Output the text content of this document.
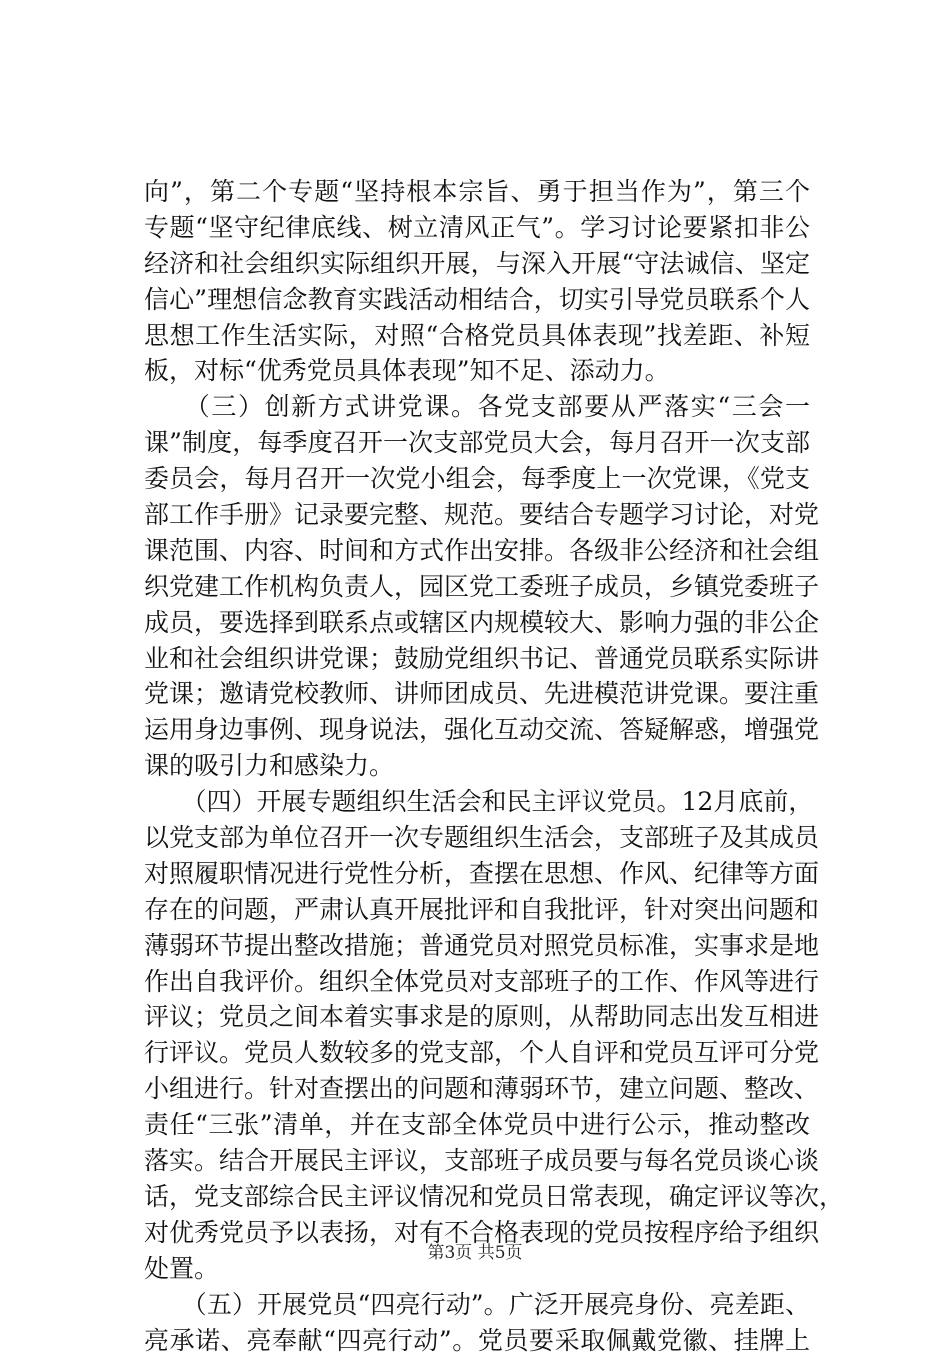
向”，第二个专题“坚持根本宗旨、勇于担当作为”，第三个
专题“坚守纪律底线、树立清风正气”。学习讨论要紧扣非公
经济和社会组织实际组织开展，与深入开展“守法诚信、坚定
信心”理想信念教育实践活动相结合，切实引导党员联系个人
思想工作生活实际，对照“合格党员具体表现”找差距、补短
板，对标“优秀党员具体表现”知不足、添动力。
　　（三）创新方式讲党课。各党支部要从严落实“三会一
课”制度，每季度召开一次支部党员大会，每月召开一次支部
委员会，每月召开一次党小组会，每季度上一次党课，《党支
部工作手册》记录要完整、规范。要结合专题学习讨论，对党
课范围、内容、时间和方式作出安排。各级非公经济和社会组
织党建工作机构负责人，园区党工委班子成员，乡镇党委班子
成员，要选择到联系点或辖区内规模较大、影响力强的非公企
业和社会组织讲党课；鼓励党组织书记、普通党员联系实际讲
党课；邀请党校教师、讲师团成员、先进模范讲党课。要注重
运用身边事例、现身说法，强化互动交流、答疑解惑，增强党
课的吸引力和感染力。
　　（四）开展专题组织生活会和民主评议党员。12月底前，
以党支部为单位召开一次专题组织生活会，支部班子及其成员
对照履职情况进行党性分析，查摆在思想、作风、纪律等方面
存在的问题，严肃认真开展批评和自我批评，针对突出问题和
薄弱环节提出整改措施；普通党员对照党员标准，实事求是地
作出自我评价。组织全体党员对支部班子的工作、作风等进行
评议；党员之间本着实事求是的原则，从帮助同志出发互相进
行评议。党员人数较多的党支部，个人自评和党员互评可分党
小组进行。针对查摆出的问题和薄弱环节，建立问题、整改、
责任“三张”清单，并在支部全体党员中进行公示，推动整改
落实。结合开展民主评议，支部班子成员要与每名党员谈心谈
话，党支部综合民主评议情况和党员日常表现，确定评议等次，
对优秀党员予以表扬，对有不合格表现的党员按程序给予组织
处置。
　　（五）开展党员“四亮行动”。广泛开展亮身份、亮差距、
亮承诺、亮奉献“四亮行动”。党员要采取佩戴党徽、挂牌上
第3页 共5页
